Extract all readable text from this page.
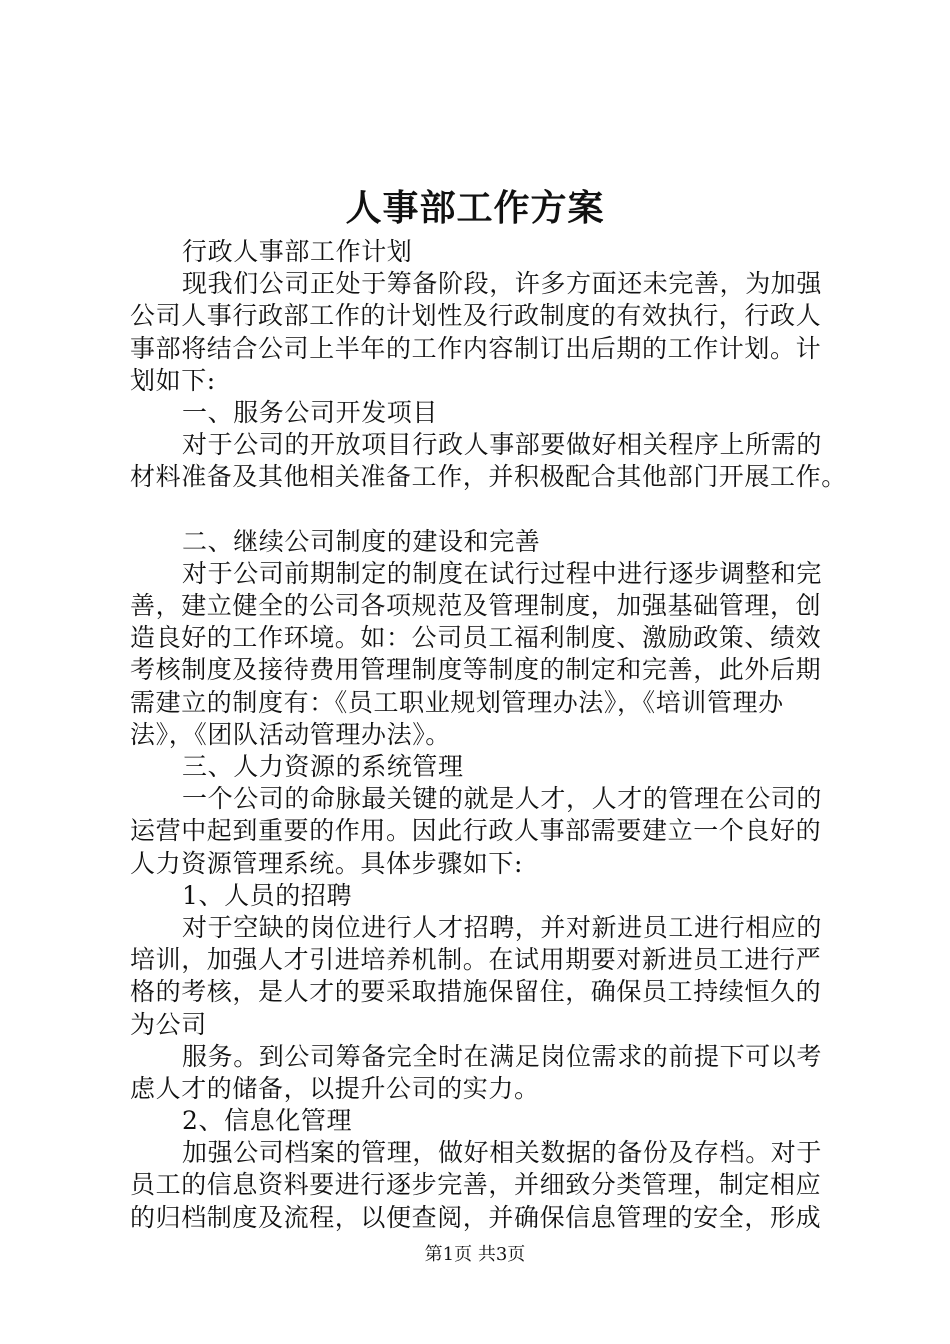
人事部工作方案

行政人事部工作计划

现我们公司正处于筹备阶段，许多方面还未完善，为加强

公司人事行政部工作的计划性及行政制度的有效执行，行政人

事部将结合公司上半年的工作内容制订出后期的工作计划。计

划如下:

一、服务公司开发项目

对于公司的开放项目行政人事部要做好相关程序上所需的

材料准备及其他相关准备工作，并积极配合其他部门开展工作。

二、继续公司制度的建设和完善

对于公司前期制定的制度在试行过程中进行逐步调整和完

善，建立健全的公司各项规范及管理制度，加强基础管理，创

造良好的工作环境。如：公司员工福利制度、激励政策、绩效

考核制度及接待费用管理制度等制度的制定和完善，此外后期

需建立的制度有：《员工职业规划管理办法》，《培训管理办

法》，《团队活动管理办法》。

三、人力资源的系统管理

一个公司的命脉最关键的就是人才，人才的管理在公司的

运营中起到重要的作用。因此行政人事部需要建立一个良好的

人力资源管理系统。具体步骤如下:

1、人员的招聘

对于空缺的岗位进行人才招聘，并对新进员工进行相应的

培训，加强人才引进培养机制。在试用期要对新进员工进行严

格的考核，是人才的要采取措施保留住，确保员工持续恒久的

为公司

服务。到公司筹备完全时在满足岗位需求的前提下可以考

虑人才的储备，以提升公司的实力。

2、信息化管理

加强公司档案的管理，做好相关数据的备份及存档。对于

员工的信息资料要进行逐步完善，并细致分类管理，制定相应

的归档制度及流程，以便查阅，并确保信息管理的安全，形成

第1页 共3页
